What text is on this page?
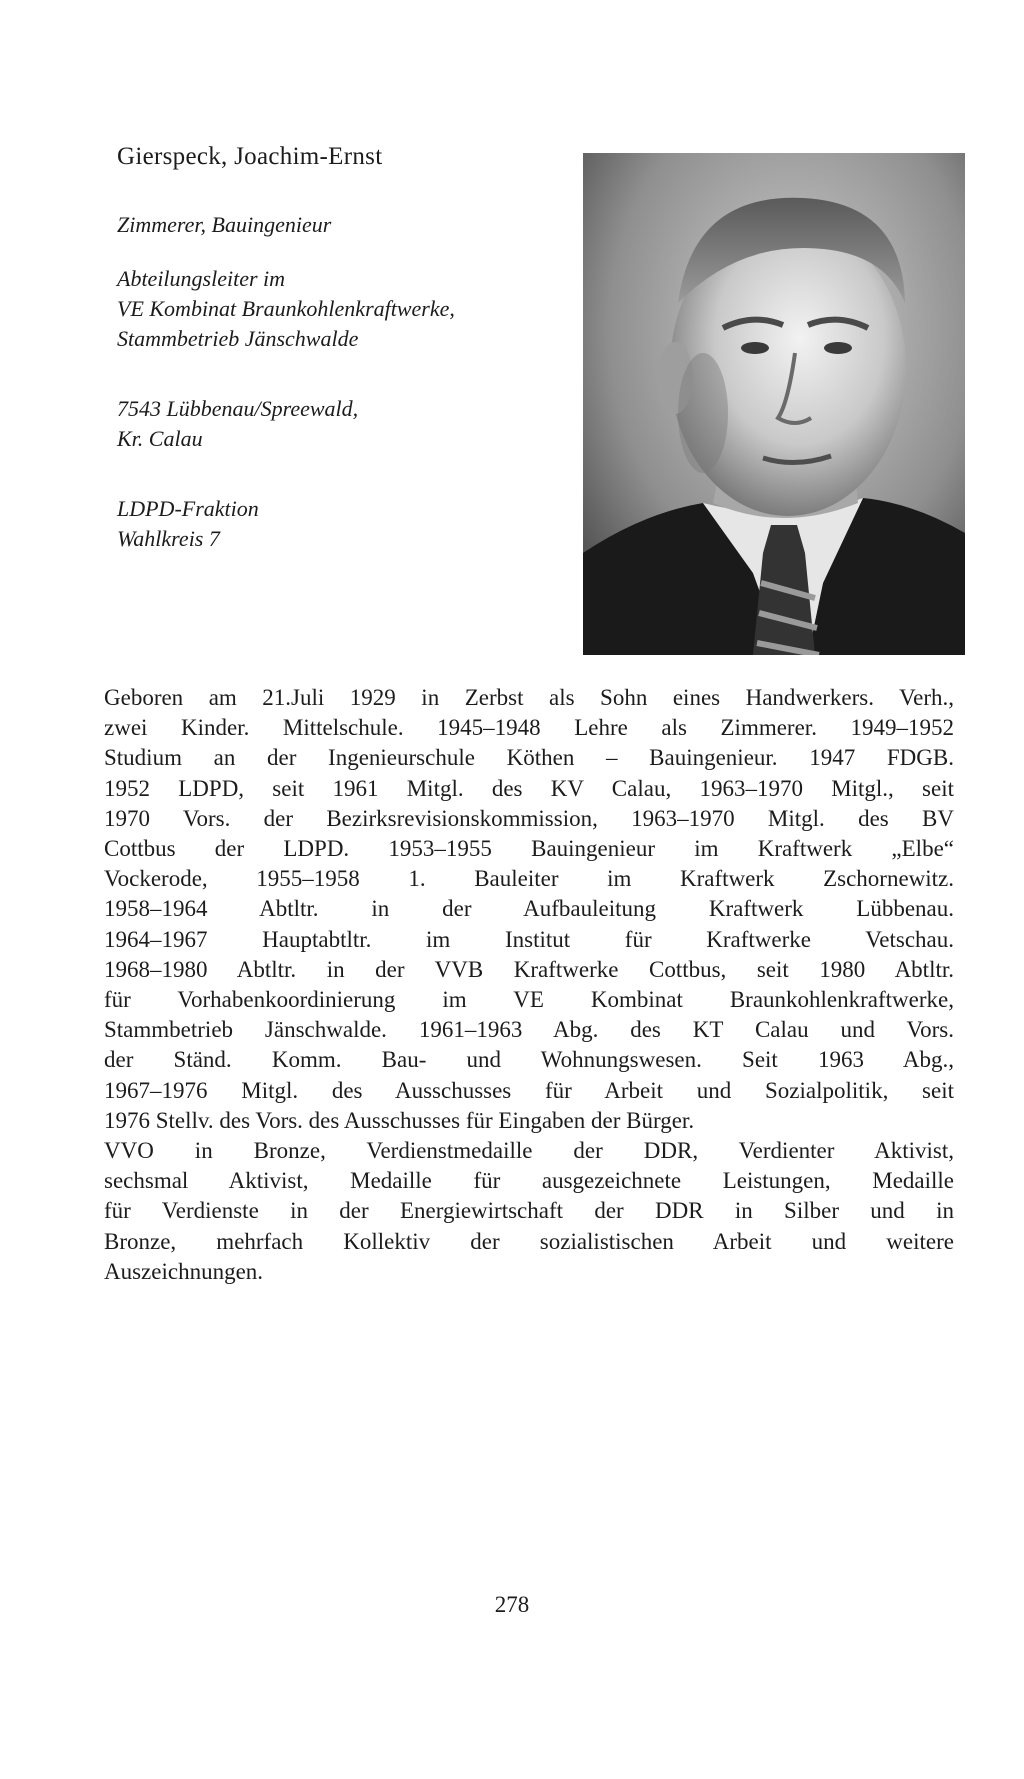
Gierspeck, Joachim-Ernst

Zimmerer, Bauingenieur

Abteilungsleiter im
VE Kombinat Braunkohlenkraftwerke,
Stammbetrieb Jänschwalde

7543 Lübbenau/Spreewald,
Kr. Calau

LDPD-Fraktion
Wahlkreis 7

Geboren am 21.Juli 1929 in Zerbst als Sohn eines Handwerkers. Verh.,
zwei Kinder. Mittelschule. 1945–1948 Lehre als Zimmerer. 1949–1952
Studium an der Ingenieurschule Köthen – Bauingenieur. 1947 FDGB.
1952 LDPD, seit 1961 Mitgl. des KV Calau, 1963–1970 Mitgl., seit
1970 Vors. der Bezirksrevisionskommission, 1963–1970 Mitgl. des BV
Cottbus der LDPD. 1953–1955 Bauingenieur im Kraftwerk „Elbe“
Vockerode, 1955–1958 1. Bauleiter im Kraftwerk Zschornewitz.
1958–1964 Abtltr. in der Aufbauleitung Kraftwerk Lübbenau.
1964–1967 Hauptabtltr. im Institut für Kraftwerke Vetschau.
1968–1980 Abtltr. in der VVB Kraftwerke Cottbus, seit 1980 Abtltr.
für Vorhabenkoordinierung im VE Kombinat Braunkohlenkraftwerke,
Stammbetrieb Jänschwalde. 1961–1963 Abg. des KT Calau und Vors.
der Ständ. Komm. Bau- und Wohnungswesen. Seit 1963 Abg.,
1967–1976 Mitgl. des Ausschusses für Arbeit und Sozialpolitik, seit
1976 Stellv. des Vors. des Ausschusses für Eingaben der Bürger.
VVO in Bronze, Verdienstmedaille der DDR, Verdienter Aktivist,
sechsmal Aktivist, Medaille für ausgezeichnete Leistungen, Medaille
für Verdienste in der Energiewirtschaft der DDR in Silber und in
Bronze, mehrfach Kollektiv der sozialistischen Arbeit und weitere
Auszeichnungen.

278
